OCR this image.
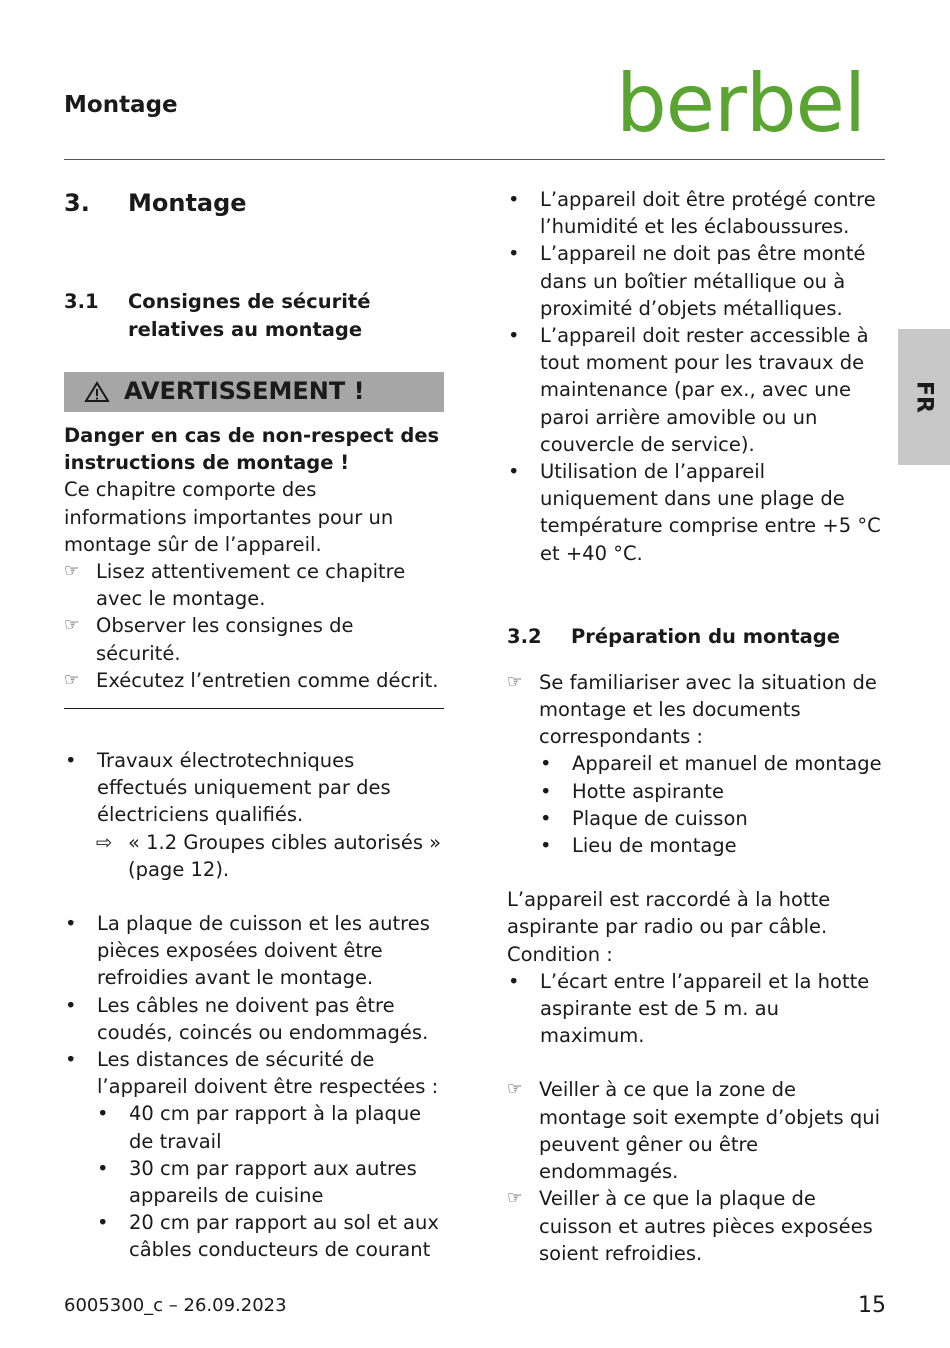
Montage	berbel
FR
3.	Montage
3.1	Consignes de sécurité relatives au montage
AVERTISSEMENT !
Danger en cas de non-respect des instructions de montage !
Ce chapitre comporte des informations importantes pour un montage sûr de l’appareil.
☞ Lisez attentivement ce chapitre avec le montage.
☞ Observer les consignes de sécurité.
☞ Exécutez l’entretien comme décrit.
•	Travaux électrotechniques effectués uniquement par des électriciens qualifiés.
⇨ « 1.2 Groupes cibles autorisés » (page 12).
•	La plaque de cuisson et les autres pièces exposées doivent être refroidies avant le montage.
•	Les câbles ne doivent pas être coudés, coincés ou endommagés.
•	Les distances de sécurité de l’appareil doivent être respectées :
•	40 cm par rapport à la plaque de travail
•	30 cm par rapport aux autres appareils de cuisine
•	20 cm par rapport au sol et aux câbles conducteurs de courant
•	L’appareil doit être protégé contre l’humidité et les éclaboussures.
•	L’appareil ne doit pas être monté dans un boîtier métallique ou à proximité d’objets métalliques.
•	L’appareil doit rester accessible à tout moment pour les travaux de maintenance (par ex., avec une paroi arrière amovible ou un couvercle de service).
•	Utilisation de l’appareil uniquement dans une plage de température comprise entre +5 °C et +40 °C.
3.2	Préparation du montage
☞ Se familiariser avec la situation de montage et les documents correspondants :
•	Appareil et manuel de montage
•	Hotte aspirante
•	Plaque de cuisson
•	Lieu de montage
L’appareil est raccordé à la hotte aspirante par radio ou par câble. Condition :
•	L’écart entre l’appareil et la hotte aspirante est de 5 m. au maximum.
☞ Veiller à ce que la zone de montage soit exempte d’objets qui peuvent gêner ou être endommagés.
☞ Veiller à ce que la plaque de cuisson et autres pièces exposées soient refroidies.
6005300_c – 26.09.2023	15
